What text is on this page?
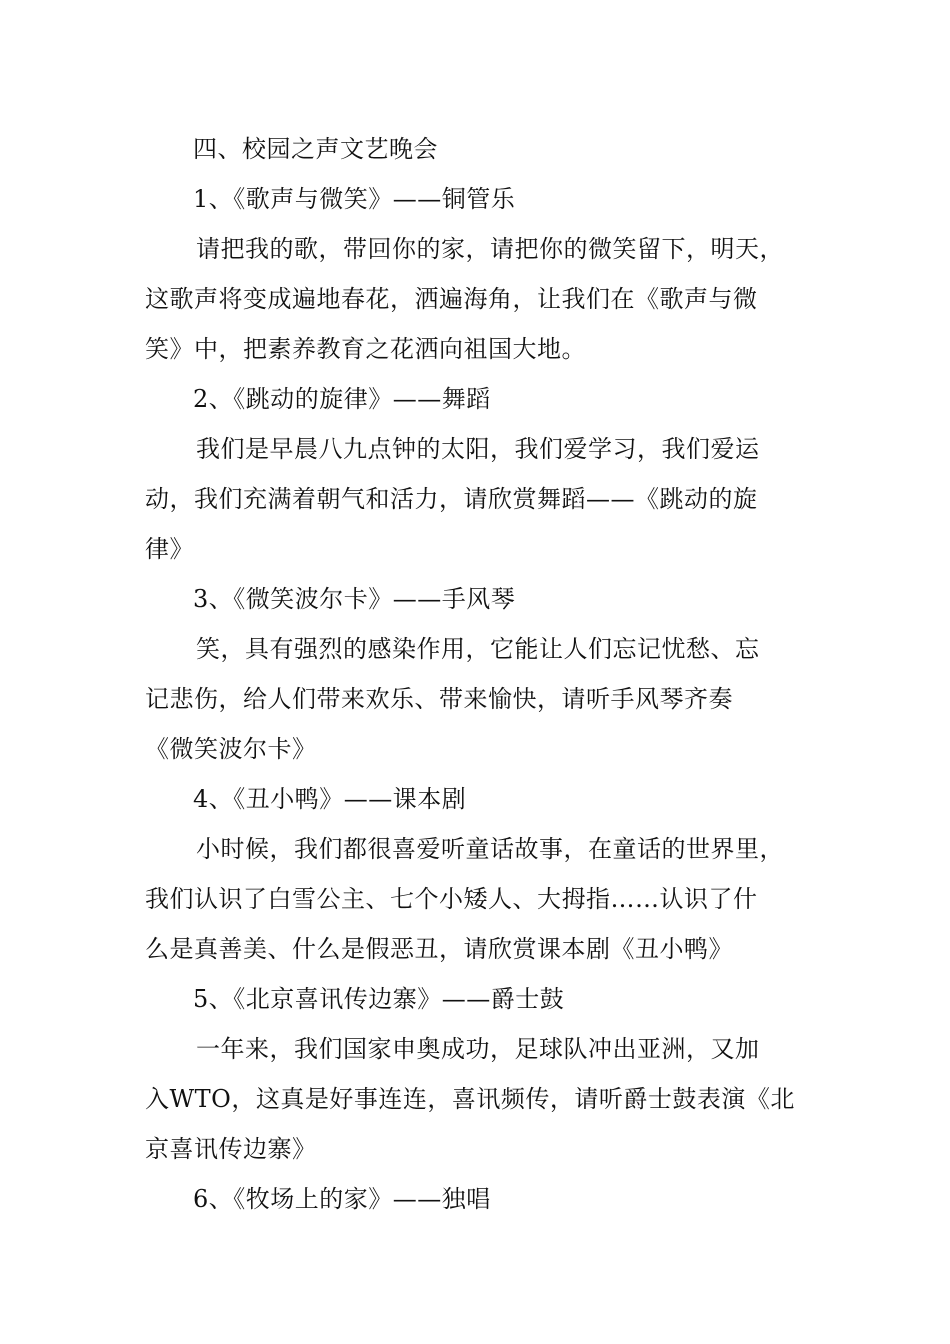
四、校园之声文艺晚会
1、《歌声与微笑》——铜管乐
请把我的歌，带回你的家，请把你的微笑留下，明天，
这歌声将变成遍地春花，洒遍海角，让我们在《歌声与微
笑》中，把素养教育之花洒向祖国大地。
2、《跳动的旋律》——舞蹈
我们是早晨八九点钟的太阳，我们爱学习，我们爱运
动，我们充满着朝气和活力，请欣赏舞蹈——《跳动的旋
律》
3、《微笑波尔卡》——手风琴
笑，具有强烈的感染作用，它能让人们忘记忧愁、忘
记悲伤，给人们带来欢乐、带来愉快，请听手风琴齐奏
《微笑波尔卡》
4、《丑小鸭》——课本剧
小时候，我们都很喜爱听童话故事，在童话的世界里，
我们认识了白雪公主、七个小矮人、大拇指……认识了什
么是真善美、什么是假恶丑，请欣赏课本剧《丑小鸭》
5、《北京喜讯传边寨》——爵士鼓
一年来，我们国家申奥成功，足球队冲出亚洲，又加
入WTO，这真是好事连连，喜讯频传，请听爵士鼓表演《北
京喜讯传边寨》
6、《牧场上的家》——独唱
